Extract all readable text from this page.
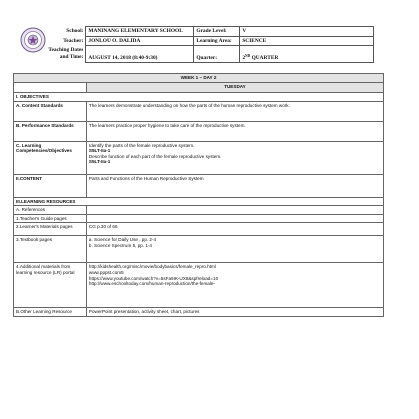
School:	MANINANG ELEMENTARY SCHOOL	Grade Level:	V
Teacher:	JONLOU O. DALIDA	Learning Area:	SCIENCE

Teaching Dates
and Time:	AUGUST 14, 2018 (8:40-9:30)	Quarter:	2ND QUARTER
WEEK 1 – DAY 2	
	TUESDAY
I. OBJECTIVES	
A. Content Standards	The learners demonstrate understanding on how the parts of the human reproductive system work.
B. Performance Standards	The learners practice proper hygiene to take care of the reproductive system.
C. Learning Competencies/Objectives	Identify the parts of the female reproductive system.
S5LT-IIa-1
Describe function of each part of the female reproductive system.
S5LT-IIa-1

II.CONTENT	Parts and Functions of the Human Reproductive System
III.LEARNING RESOURCES	
A. References	
1.Teacher's Guide pages	
2.Learner's Materials pages	CG p.30 of 66
3.Textbook pages	a. Science for Daily Use , pp. 2-4
b. Science Spectrum 5, pp. 1-4

4.Additional materials from learning resource (LR) portal	http://kidshealth.org/misc/movie/bodybasics/female_repro.html
www.pppst.com5
https://www.youtube.com/watch?v=5sFa9IK-UX8&spfreload=10
http://www.eschooltoday.com/human-reproduction/the-female-

B.Other Learning Resource	PowerPoint presentation, activity sheet, chart, pictures
